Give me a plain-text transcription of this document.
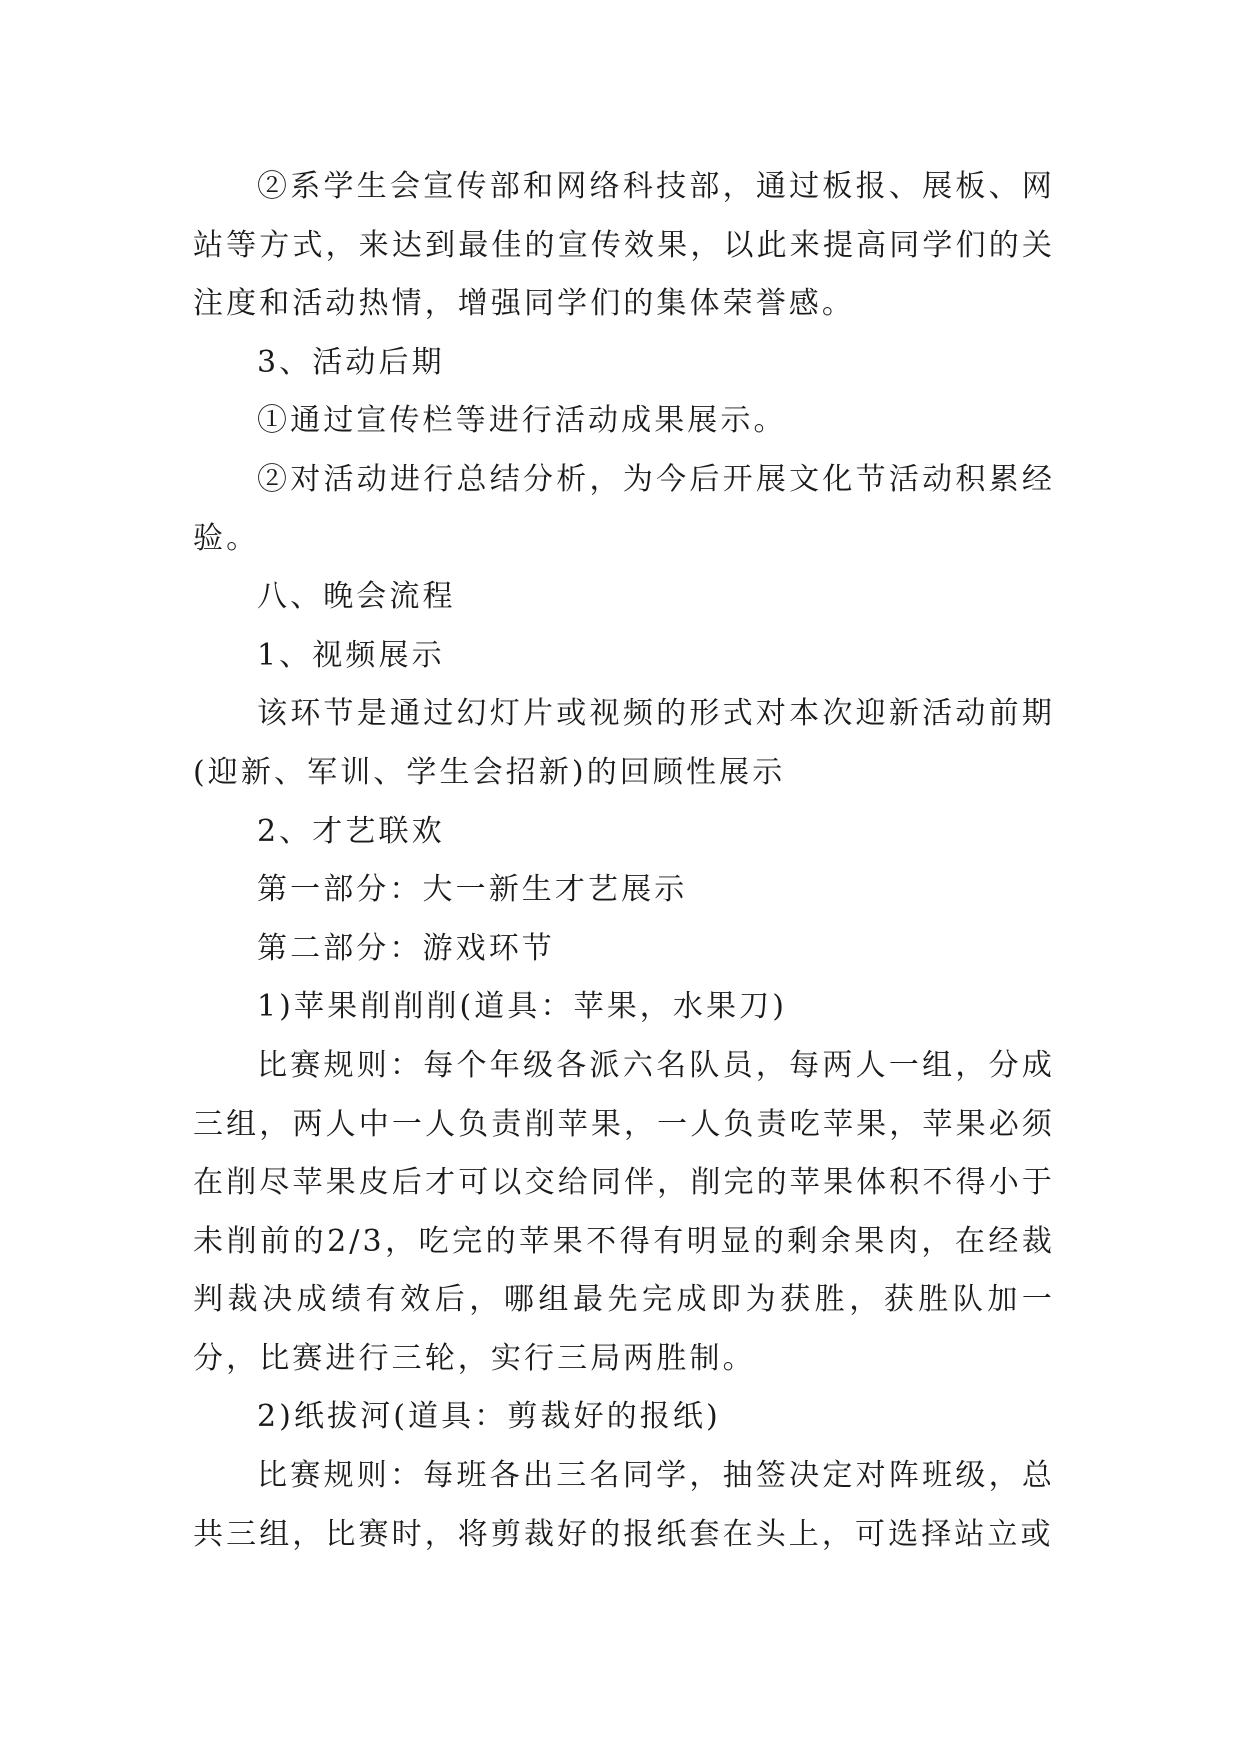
②系学生会宣传部和网络科技部，通过板报、展板、网站等方式，来达到最佳的宣传效果，以此来提高同学们的关注度和活动热情，增强同学们的集体荣誉感。

3、活动后期

①通过宣传栏等进行活动成果展示。

②对活动进行总结分析，为今后开展文化节活动积累经验。

八、晚会流程

1、视频展示

该环节是通过幻灯片或视频的形式对本次迎新活动前期(迎新、军训、学生会招新)的回顾性展示

2、才艺联欢

第一部分：大一新生才艺展示

第二部分：游戏环节

1)苹果削削削(道具：苹果，水果刀)

比赛规则：每个年级各派六名队员，每两人一组，分成三组，两人中一人负责削苹果，一人负责吃苹果，苹果必须在削尽苹果皮后才可以交给同伴，削完的苹果体积不得小于未削前的2/3，吃完的苹果不得有明显的剩余果肉，在经裁判裁决成绩有效后，哪组最先完成即为获胜，获胜队加一分，比赛进行三轮，实行三局两胜制。

2)纸拔河(道具：剪裁好的报纸)

比赛规则：每班各出三名同学，抽签决定对阵班级，总共三组，比赛时，将剪裁好的报纸套在头上，可选择站立或
